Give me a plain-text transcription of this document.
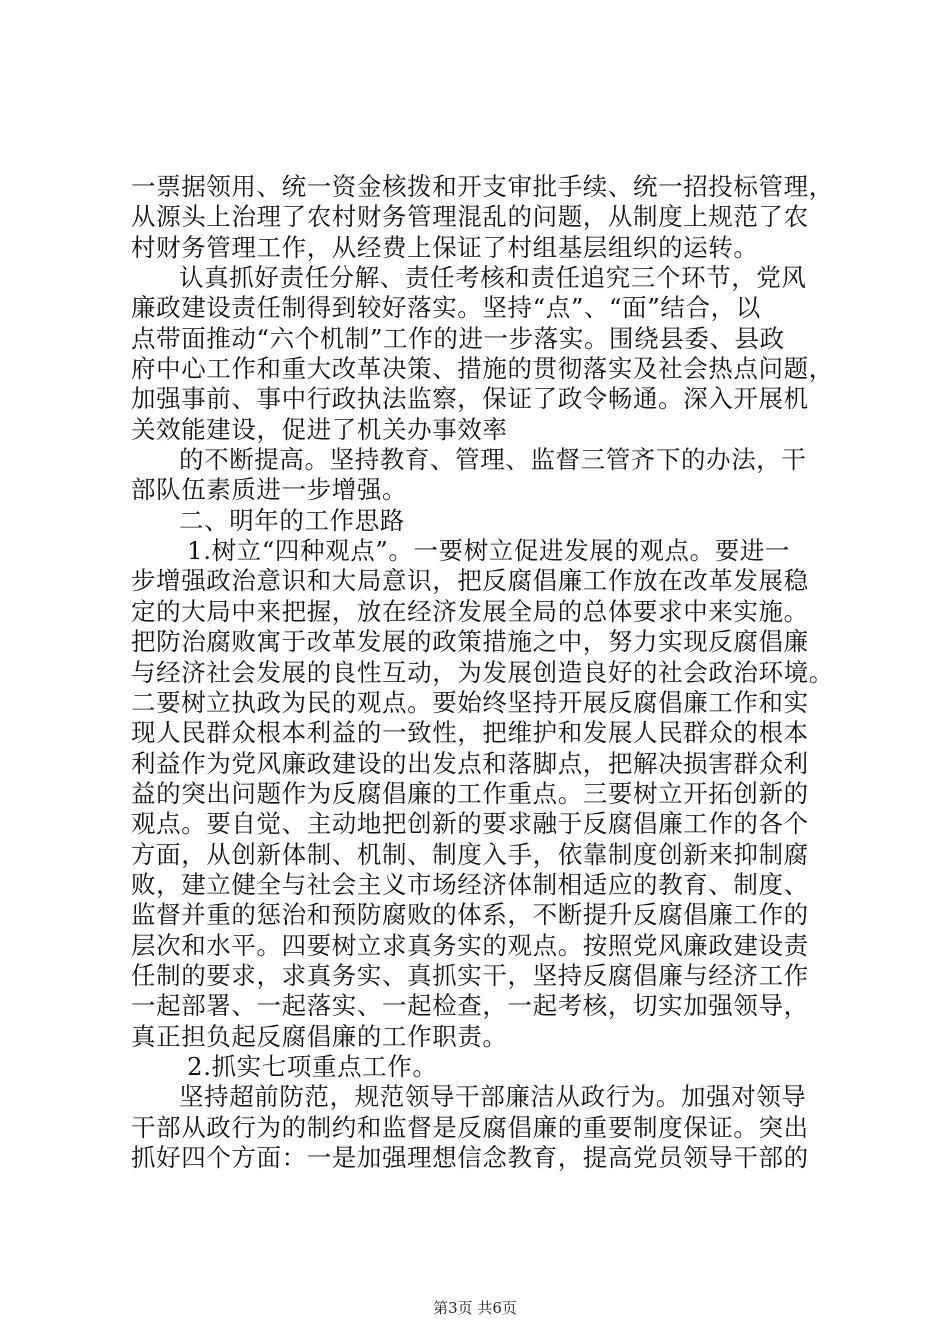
一票据领用、统一资金核拨和开支审批手续、统一招投标管理，
从源头上治理了农村财务管理混乱的问题，从制度上规范了农
村财务管理工作，从经费上保证了村组基层组织的运转。
认真抓好责任分解、责任考核和责任追究三个环节，党风
廉政建设责任制得到较好落实。坚持“点”、“面”结合，以
点带面推动“六个机制”工作的进一步落实。围绕县委、县政
府中心工作和重大改革决策、措施的贯彻落实及社会热点问题，
加强事前、事中行政执法监察，保证了政令畅通。深入开展机
关效能建设，促进了机关办事效率
的不断提高。坚持教育、管理、监督三管齐下的办法，干
部队伍素质进一步增强。
二、明年的工作思路
1.树立“四种观点”。一要树立促进发展的观点。要进一
步增强政治意识和大局意识，把反腐倡廉工作放在改革发展稳
定的大局中来把握，放在经济发展全局的总体要求中来实施。
把防治腐败寓于改革发展的政策措施之中，努力实现反腐倡廉
与经济社会发展的良性互动，为发展创造良好的社会政治环境。
二要树立执政为民的观点。要始终坚持开展反腐倡廉工作和实
现人民群众根本利益的一致性，把维护和发展人民群众的根本
利益作为党风廉政建设的出发点和落脚点，把解决损害群众利
益的突出问题作为反腐倡廉的工作重点。三要树立开拓创新的
观点。要自觉、主动地把创新的要求融于反腐倡廉工作的各个
方面，从创新体制、机制、制度入手，依靠制度创新来抑制腐
败，建立健全与社会主义市场经济体制相适应的教育、制度、
监督并重的惩治和预防腐败的体系，不断提升反腐倡廉工作的
层次和水平。四要树立求真务实的观点。按照党风廉政建设责
任制的要求，求真务实、真抓实干，坚持反腐倡廉与经济工作
一起部署、一起落实、一起检查，一起考核，切实加强领导，
真正担负起反腐倡廉的工作职责。
2.抓实七项重点工作。
坚持超前防范，规范领导干部廉洁从政行为。加强对领导
干部从政行为的制约和监督是反腐倡廉的重要制度保证。突出
抓好四个方面：一是加强理想信念教育，提高党员领导干部的
第3页 共6页
